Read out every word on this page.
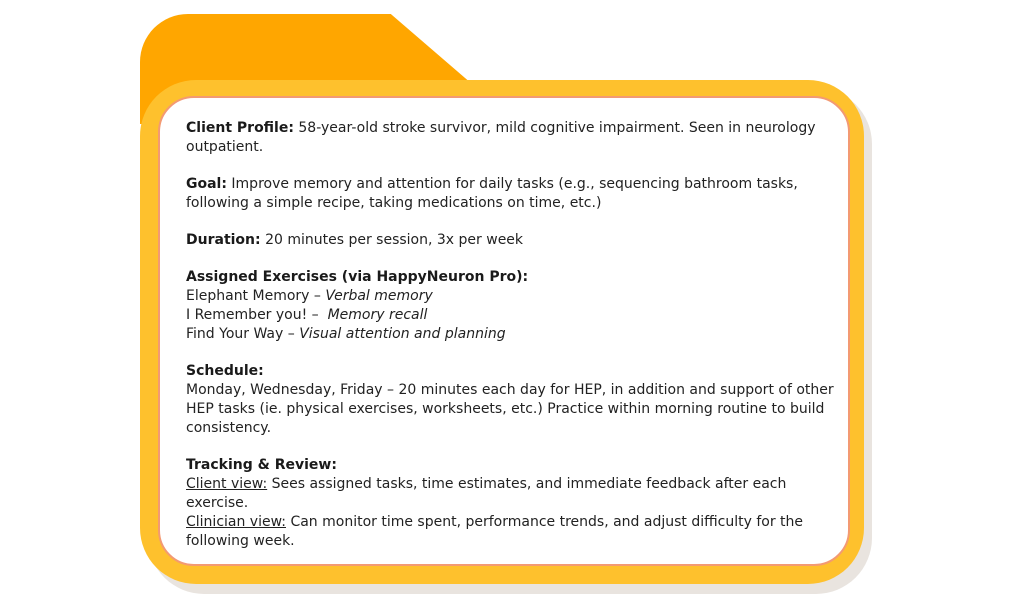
Client Profile: 58-year-old stroke survivor, mild cognitive impairment. Seen in neurology outpatient.

Goal: Improve memory and attention for daily tasks (e.g., sequencing bathroom tasks, following a simple recipe, taking medications on time, etc.)

Duration: 20 minutes per session, 3x per week

Assigned Exercises (via HappyNeuron Pro):
Elephant Memory – Verbal memory
I Remember you! –  Memory recall
Find Your Way – Visual attention and planning

Schedule:
Monday, Wednesday, Friday – 20 minutes each day for HEP, in addition and support of other HEP tasks (ie. physical exercises, worksheets, etc.) Practice within morning routine to build consistency.

Tracking & Review:
Client view: Sees assigned tasks, time estimates, and immediate feedback after each exercise.
Clinician view: Can monitor time spent, performance trends, and adjust difficulty for the following week.
